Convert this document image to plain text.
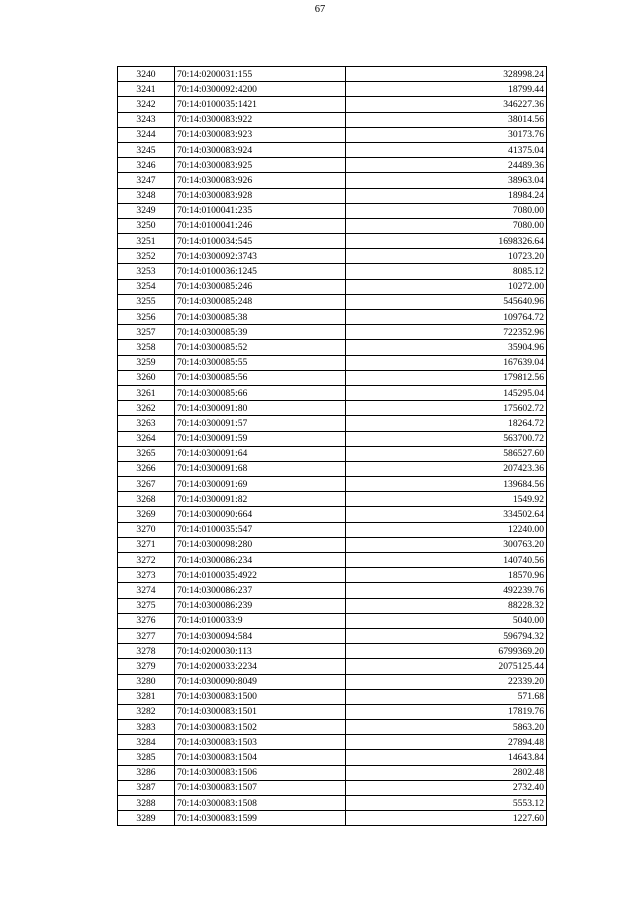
67
3240	70:14:0200031:155	328998.24
3241	70:14:0300092:4200	18799.44
3242	70:14:0100035:1421	346227.36
3243	70:14:0300083:922	38014.56
3244	70:14:0300083:923	30173.76
3245	70:14:0300083:924	41375.04
3246	70:14:0300083:925	24489.36
3247	70:14:0300083:926	38963.04
3248	70:14:0300083:928	18984.24
3249	70:14:0100041:235	7080.00
3250	70:14:0100041:246	7080.00
3251	70:14:0100034:545	1698326.64
3252	70:14:0300092:3743	10723.20
3253	70:14:0100036:1245	8085.12
3254	70:14:0300085:246	10272.00
3255	70:14:0300085:248	545640.96
3256	70:14:0300085:38	109764.72
3257	70:14:0300085:39	722352.96
3258	70:14:0300085:52	35904.96
3259	70:14:0300085:55	167639.04
3260	70:14:0300085:56	179812.56
3261	70:14:0300085:66	145295.04
3262	70:14:0300091:80	175602.72
3263	70:14:0300091:57	18264.72
3264	70:14:0300091:59	563700.72
3265	70:14:0300091:64	586527.60
3266	70:14:0300091:68	207423.36
3267	70:14:0300091:69	139684.56
3268	70:14:0300091:82	1549.92
3269	70:14:0300090:664	334502.64
3270	70:14:0100035:547	12240.00
3271	70:14:0300098:280	300763.20
3272	70:14:0300086:234	140740.56
3273	70:14:0100035:4922	18570.96
3274	70:14:0300086:237	492239.76
3275	70:14:0300086:239	88228.32
3276	70:14:0100033:9	5040.00
3277	70:14:0300094:584	596794.32
3278	70:14:0200030:113	6799369.20
3279	70:14:0200033:2234	2075125.44
3280	70:14:0300090:8049	22339.20
3281	70:14:0300083:1500	571.68
3282	70:14:0300083:1501	17819.76
3283	70:14:0300083:1502	5863.20
3284	70:14:0300083:1503	27894.48
3285	70:14:0300083:1504	14643.84
3286	70:14:0300083:1506	2802.48
3287	70:14:0300083:1507	2732.40
3288	70:14:0300083:1508	5553.12
3289	70:14:0300083:1599	1227.60
